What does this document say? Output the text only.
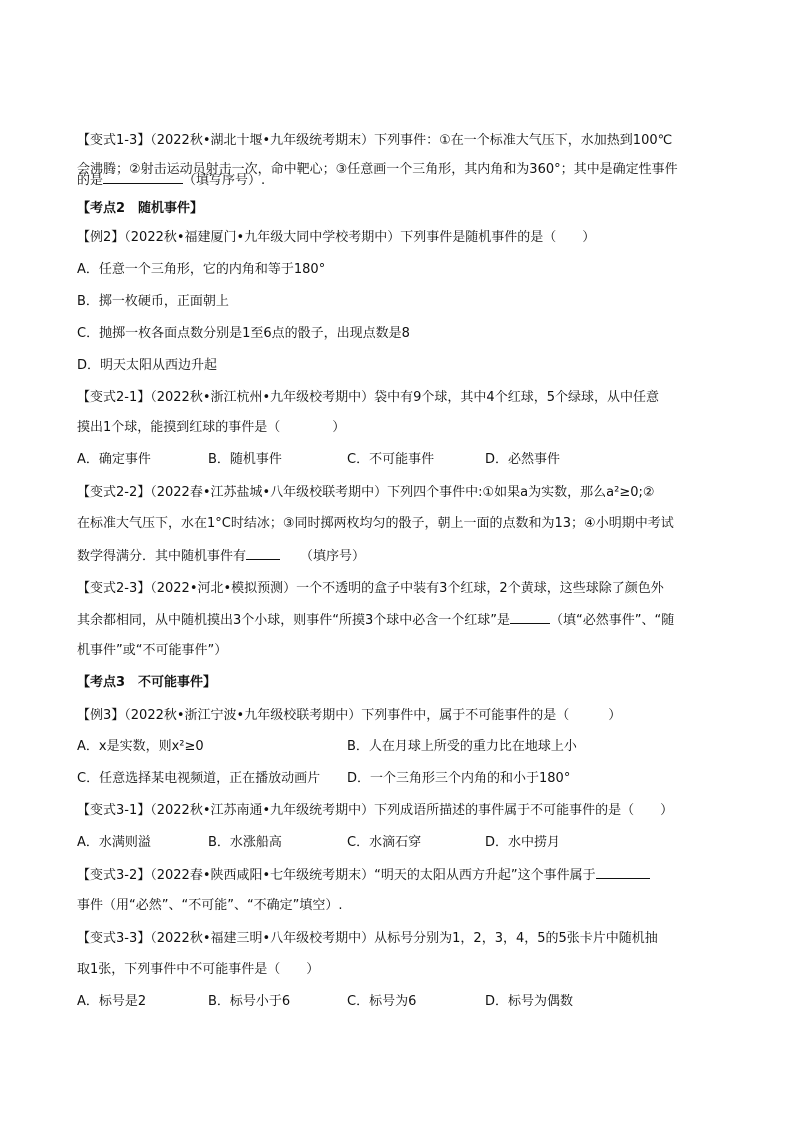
【变式1-3】（2022秋•湖北十堰•九年级统考期末）下列事件：①在一个标准大气压下，水加热到100℃
会沸腾；②射击运动员射击一次，命中靶心；③任意画一个三角形，其内角和为360°；其中是确定性事件
的是	（填写序号）.
【考点2　随机事件】
【例2】（2022秋•福建厦门•九年级大同中学校考期中）下列事件是随机事件的是（　　）
A．任意一个三角形，它的内角和等于180°
B．掷一枚硬币，正面朝上
C．抛掷一枚各面点数分别是1至6点的骰子，出现点数是8
D．明天太阳从西边升起
【变式2-1】（2022秋•浙江杭州•九年级校考期中）袋中有9个球，其中4个红球，5个绿球，从中任意
摸出1个球，能摸到红球的事件是（　　　　）
A．确定事件	B．随机事件	C．不可能事件	D．必然事件
【变式2-2】（2022春•江苏盐城•八年级校联考期中）下列四个事件中:①如果a为实数，那么a²≥0;②
在标准大气压下，水在1°C时结冰；③同时掷两枚均匀的骰子，朝上一面的点数和为13；④小明期中考试
数学得满分．其中随机事件有	（填序号）
【变式2-3】（2022•河北•模拟预测）一个不透明的盒子中装有3个红球，2个黄球，这些球除了颜色外
其余都相同，从中随机摸出3个小球，则事件“所摸3个球中必含一个红球”是	（填“必然事件”、“随
机事件”或“不可能事件”）
【考点3　不可能事件】
【例3】（2022秋•浙江宁波•九年级校联考期中）下列事件中，属于不可能事件的是（　　　）
A．x是实数，则x²≥0	B．人在月球上所受的重力比在地球上小
C．任意选择某电视频道，正在播放动画片 D．一个三角形三个内角的和小于180°
【变式3-1】（2022秋•江苏南通•九年级统考期中）下列成语所描述的事件属于不可能事件的是（　　）
A．水满则溢	B．水涨船高	C．水滴石穿	D．水中捞月
【变式3-2】（2022春•陕西咸阳•七年级统考期末）“明天的太阳从西方升起”这个事件属于
事件（用“必然”、“不可能”、“不确定”填空）.
【变式3-3】（2022秋•福建三明•八年级校考期中）从标号分别为1，2，3，4，5的5张卡片中随机抽
取1张，下列事件中不可能事件是（　　）
A．标号是2	B．标号小于6	C．标号为6	D．标号为偶数
